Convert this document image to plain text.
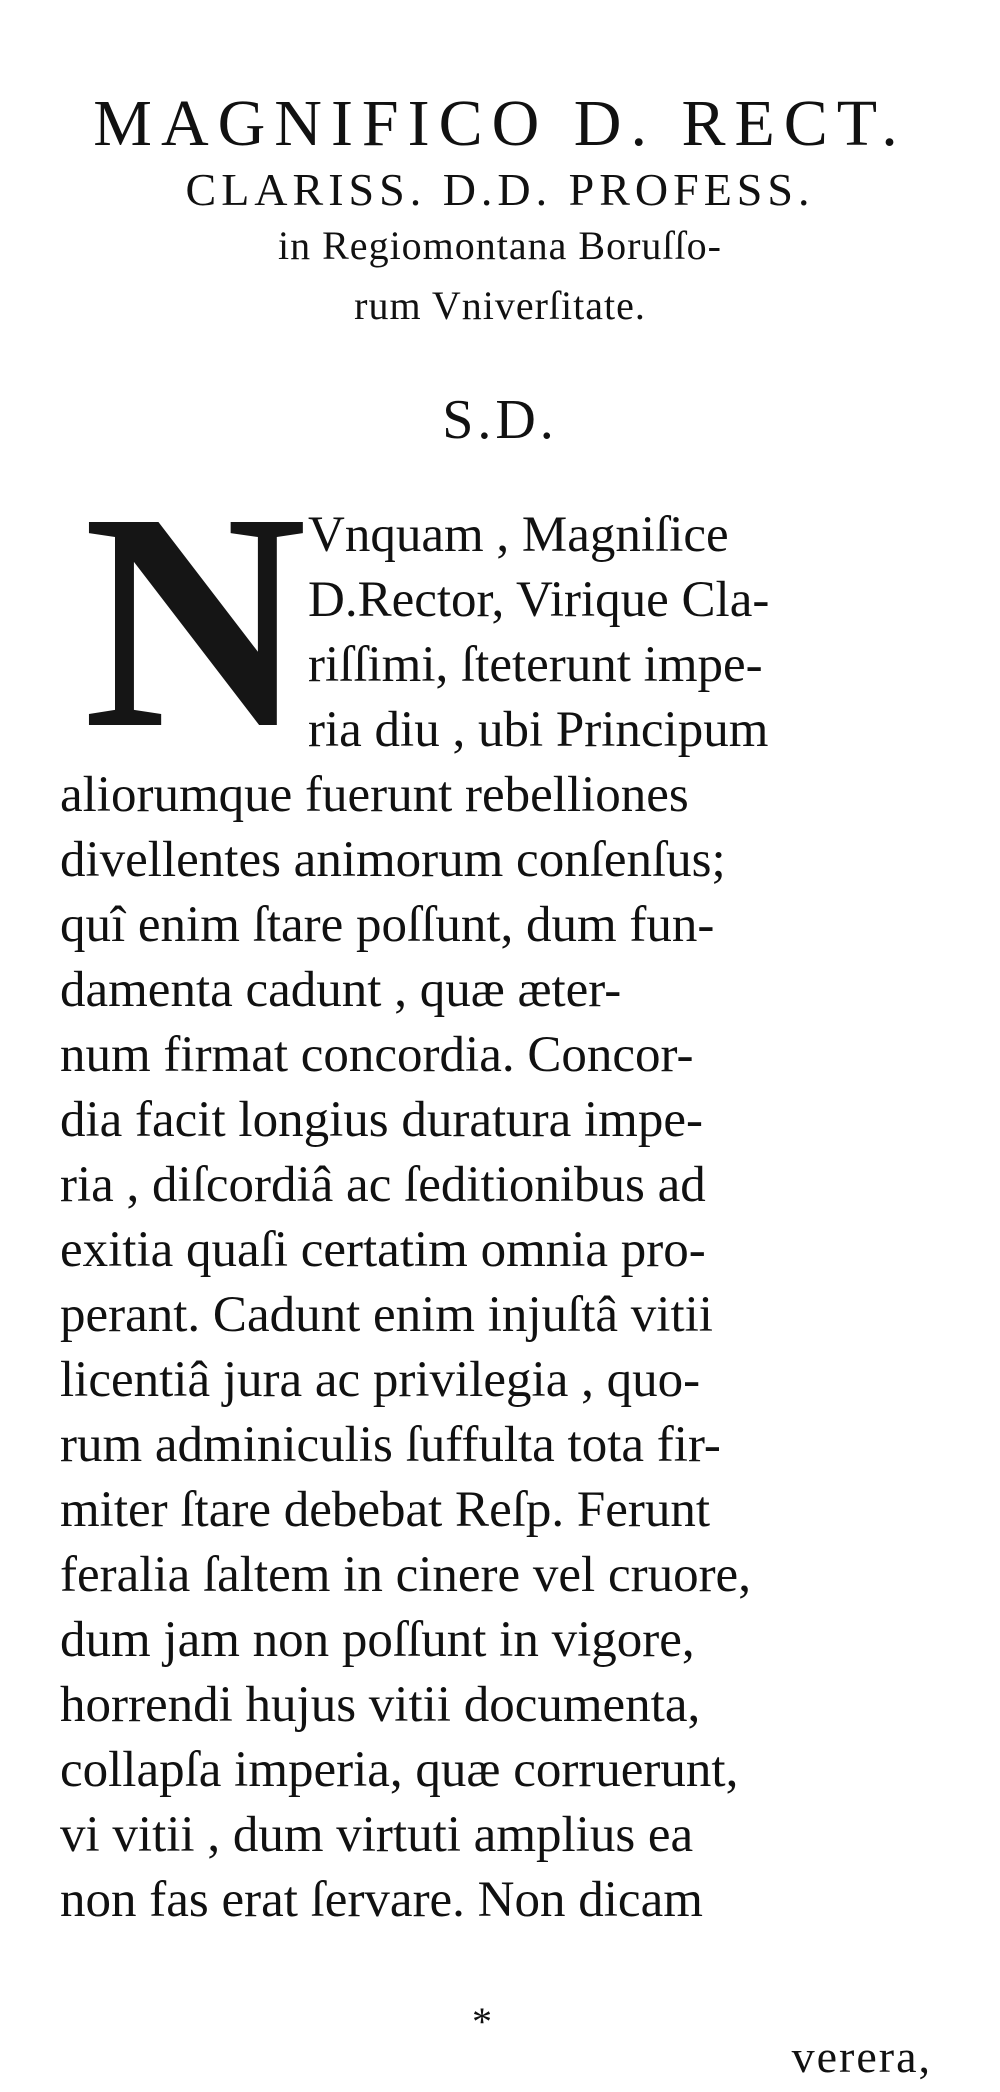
MAGNIFICO D. RECT.
CLARISS. D.D. PROFESS.
in Regiomontana Boruſſo-
rum Vniverſitate.
S.D.
N Vnquam , Magniſice
D.Rector, Virique Cla-
riſſimi, ſteterunt impe-
ria diu , ubi Principum
aliorumque fuerunt rebelliones
divellentes animorum conſenſus;
quî enim ſtare poſſunt, dum fun-
damenta cadunt , quæ æter-
num firmat concordia. Concor-
dia facit longius duratura impe-
ria , diſcordiâ ac ſeditionibus ad
exitia quaſi certatim omnia pro-
perant. Cadunt enim injuſtâ vitii
licentiâ jura ac privilegia , quo-
rum adminiculis ſuffulta tota fir-
miter ſtare debebat Reſp. Ferunt
feralia ſaltem in cinere vel cruore,
dum jam non poſſunt in vigore,
horrendi hujus vitii documenta,
collapſa imperia, quæ corruerunt,
vi vitii , dum virtuti amplius ea
non fas erat ſervare. Non dicam
*
verera,
